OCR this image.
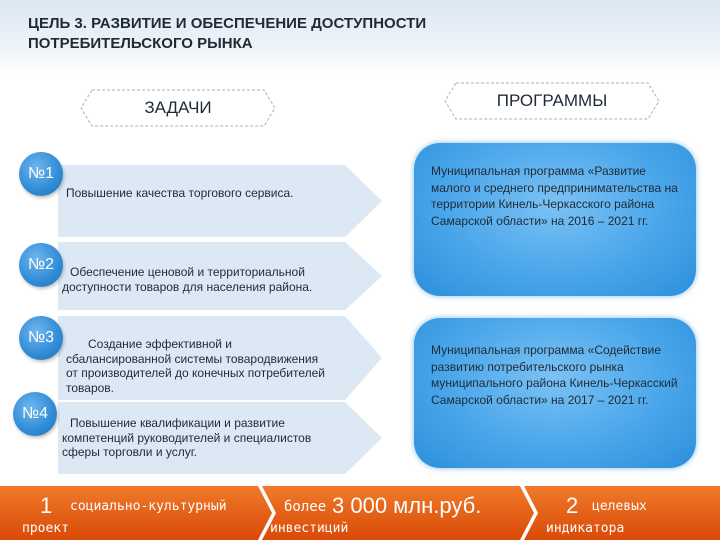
ЦЕЛЬ 3. РАЗВИТИЕ И ОБЕСПЕЧЕНИЕ ДОСТУПНОСТИ
ПОТРЕБИТЕЛЬСКОГО РЫНКА
ЗАДАЧИ	ПРОГРАММЫ
№1
№2
№3
№4
Повышение качества торгового сервиса.
Обеспечение ценовой и территориальной доступности товаров для населения района.
Создание эффективной и сбалансированной системы товародвижения от производителей до конечных потребителей товаров.
Повышение квалификации и развитие компетенций руководителей и специалистов сферы торговли и услуг.
Муниципальная программа «Развитие малого и среднего предпринимательства на территории Кинель-Черкасского района Самарской области» на 2016 – 2021 гг.
Муниципальная программа «Содействие развитию потребительского рынка муниципального района Кинель-Черкасский Самарской области» на 2017 – 2021 гг.
1 социально-культурный
проект
более 3 000 млн.руб.
инвестиций
2 целевых
индикатора
